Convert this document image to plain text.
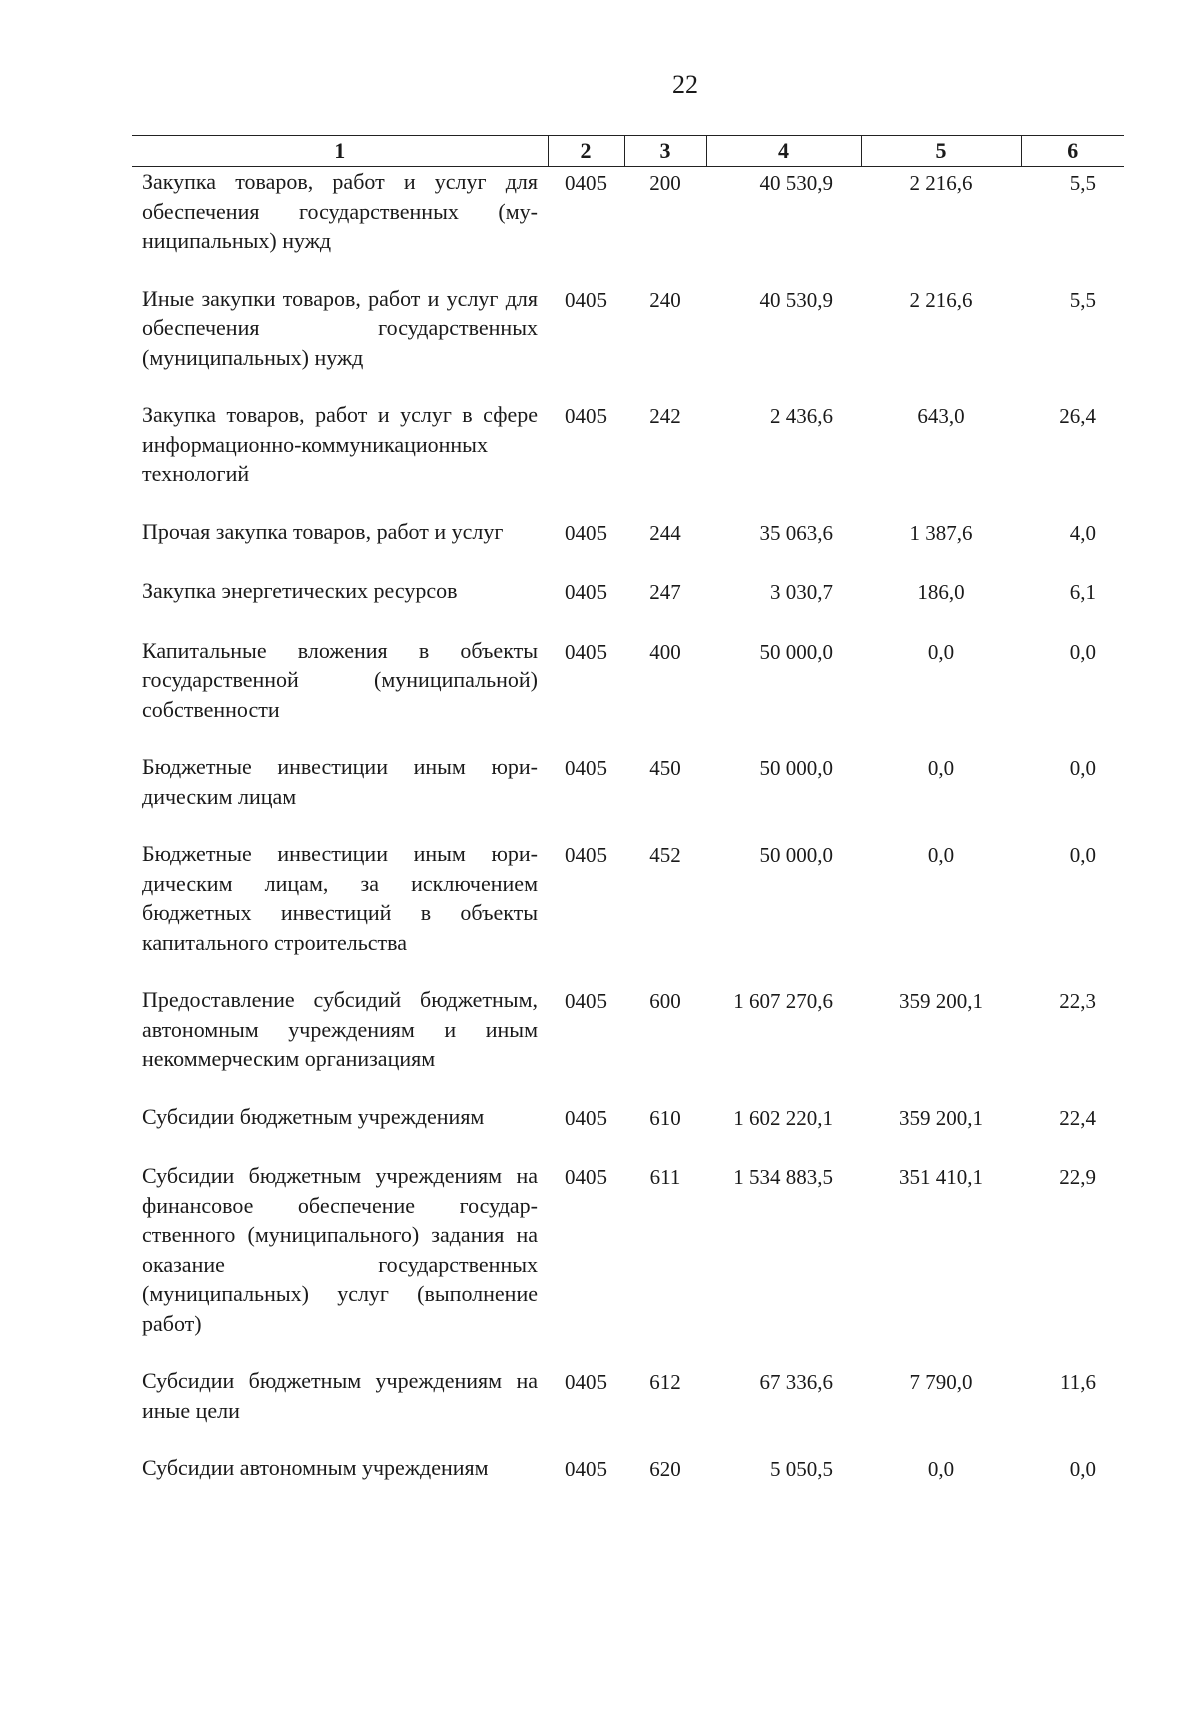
22
1	2	3	4	5	6
Закупка товаров, работ и услуг для обеспечения государственных (муниципальных) нужд	0405	200	40 530,9	2 216,6	5,5

Иные закупки товаров, работ и услуг для обеспечения государственных (муниципальных) нужд	0405	240	40 530,9	2 216,6	5,5

Закупка товаров, работ и услуг в сфере информационно-коммуникационных технологий	0405	242	2 436,6	643,0	26,4

Прочая закупка товаров, работ и услуг	0405	244	35 063,6	1 387,6	4,0

Закупка энергетических ресурсов	0405	247	3 030,7	186,0	6,1

Капитальные вложения в объекты государственной (муниципальной) собственности	0405	400	50 000,0	0,0	0,0

Бюджетные инвестиции иным юридическим лицам	0405	450	50 000,0	0,0	0,0

Бюджетные инвестиции иным юридическим лицам, за исключением бюджетных инвестиций в объекты капитального строительства	0405	452	50 000,0	0,0	0,0

Предоставление субсидий бюджетным, автономным учреждениям и иным некоммерческим организациям	0405	600	1 607 270,6	359 200,1	22,3

Субсидии бюджетным учреждениям	0405	610	1 602 220,1	359 200,1	22,4

Субсидии бюджетным учреждениям на финансовое обеспечение государственного (муниципального) задания на оказание государственных (муниципальных) услуг (выполнение работ)	0405	611	1 534 883,5	351 410,1	22,9

Субсидии бюджетным учреждениям на иные цели	0405	612	67 336,6	7 790,0	11,6

Субсидии автономным учреждениям	0405	620	5 050,5	0,0	0,0
